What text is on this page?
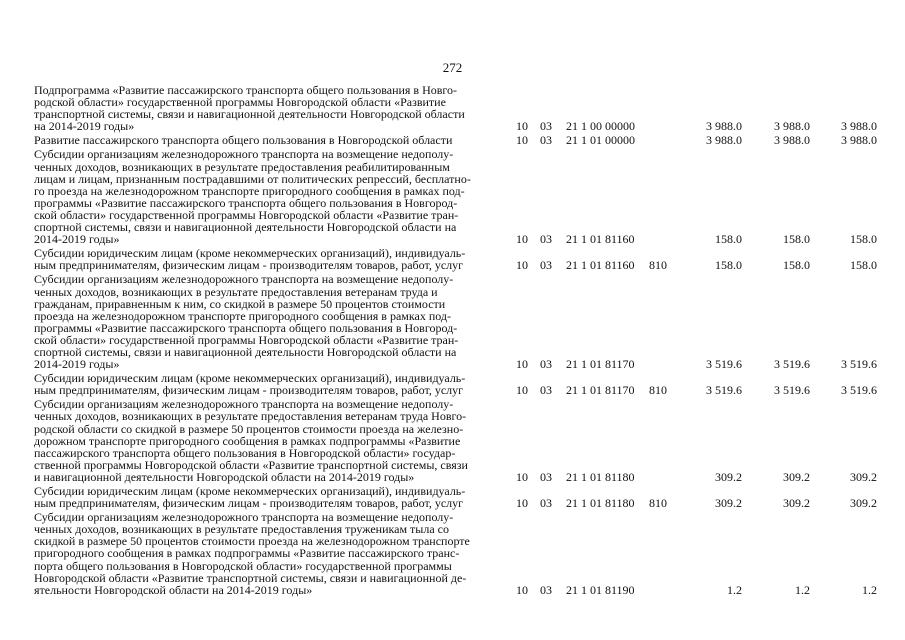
272
Подпрограмма «Развитие пассажирского транспорта общего пользования в Новго-
родской области» государственной программы Новгородской области «Развитие
транспортной системы, связи и навигационной деятельности Новгородской области
на 2014-2019 годы»	10 03 21 1 00 00000	3 988.0	3 988.0	3 988.0
Развитие пассажирского транспорта общего пользования в Новгородской области	10 03 21 1 01 00000	3 988.0	3 988.0	3 988.0
Субсидии организациям железнодорожного транспорта на возмещение недополу-
ченных доходов, возникающих в результате предоставления реабилитированным
лицам и лицам, признанным пострадавшими от политических репрессий, бесплатно-
го проезда на железнодорожном транспорте пригородного сообщения в рамках под-
программы «Развитие пассажирского транспорта общего пользования в Новгород-
ской области» государственной программы Новгородской области «Развитие тран-
спортной системы, связи и навигационной деятельности Новгородской области на
2014-2019 годы»	10 03 21 1 01 81160	158.0	158.0	158.0
Субсидии юридическим лицам (кроме некоммерческих организаций), индивидуаль-
ным предпринимателям, физическим лицам - производителям товаров, работ, услуг	10 03 21 1 01 81160 810	158.0	158.0	158.0
Субсидии организациям железнодорожного транспорта на возмещение недополу-
ченных доходов, возникающих в результате предоставления ветеранам труда и
гражданам, приравненным к ним, со скидкой в размере 50 процентов стоимости
проезда на железнодорожном транспорте пригородного сообщения в рамках под-
программы «Развитие пассажирского транспорта общего пользования в Новгород-
ской области» государственной программы Новгородской области «Развитие тран-
спортной системы, связи и навигационной деятельности Новгородской области на
2014-2019 годы»	10 03 21 1 01 81170	3 519.6	3 519.6	3 519.6
Субсидии юридическим лицам (кроме некоммерческих организаций), индивидуаль-
ным предпринимателям, физическим лицам - производителям товаров, работ, услуг	10 03 21 1 01 81170 810	3 519.6	3 519.6	3 519.6
Субсидии организациям железнодорожного транспорта на возмещение недополу-
ченных доходов, возникающих в результате предоставления ветеранам труда Новго-
родской области со скидкой в размере 50 процентов стоимости проезда на железно-
дорожном транспорте пригородного сообщения в рамках подпрограммы «Развитие
пассажирского транспорта общего пользования в Новгородской области» государ-
ственной программы Новгородской области «Развитие транспортной системы, связи
и навигационной деятельности Новгородской области на 2014-2019 годы»	10 03 21 1 01 81180	309.2	309.2	309.2
Субсидии юридическим лицам (кроме некоммерческих организаций), индивидуаль-
ным предпринимателям, физическим лицам - производителям товаров, работ, услуг	10 03 21 1 01 81180 810	309.2	309.2	309.2
Субсидии организациям железнодорожного транспорта на возмещение недополу-
ченных доходов, возникающих в результате предоставления труженикам тыла со
скидкой в размере 50 процентов стоимости проезда на железнодорожном транспорте
пригородного сообщения в рамках подпрограммы «Развитие пассажирского транс-
порта общего пользования в Новгородской области» государственной программы
Новгородской области «Развитие транспортной системы, связи и навигационной де-
ятельности Новгородской области на 2014-2019 годы»	10 03 21 1 01 81190	1.2	1.2	1.2
